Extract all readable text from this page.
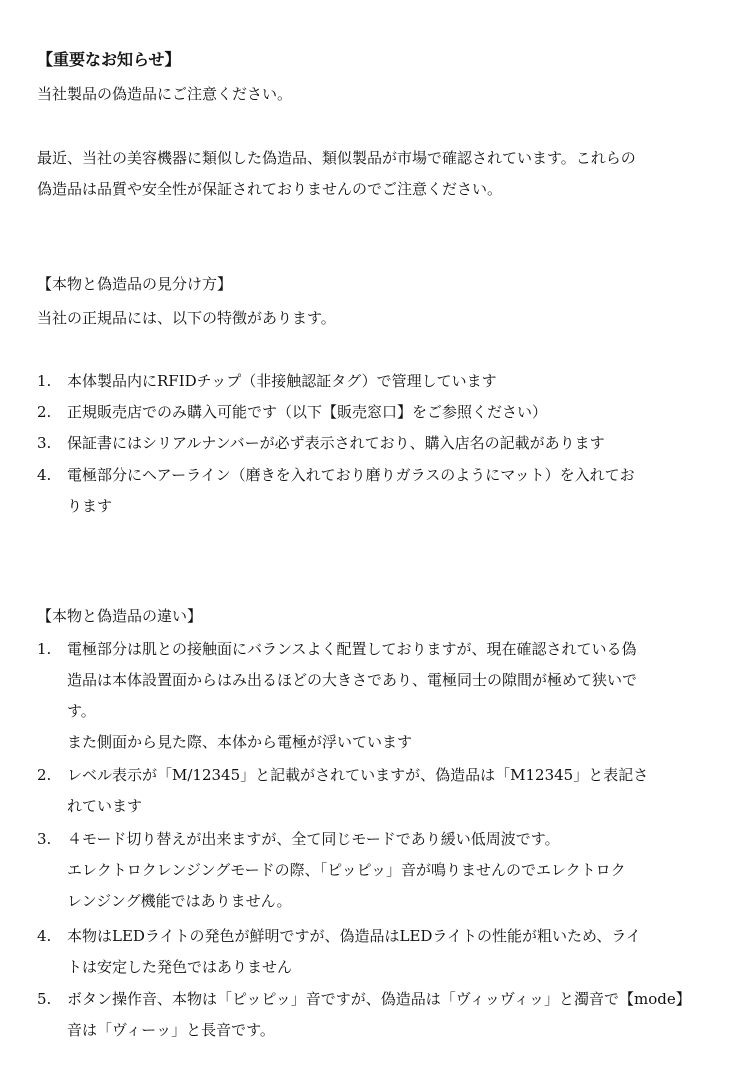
【重要なお知らせ】
当社製品の偽造品にご注意ください。
最近、当社の美容機器に類似した偽造品、類似製品が市場で確認されています。これらの
偽造品は品質や安全性が保証されておりませんのでご注意ください。
【本物と偽造品の見分け方】
当社の正規品には、以下の特徴があります。
1.	本体製品内にRFIDチップ（非接触認証タグ）で管理しています
2.	正規販売店でのみ購入可能です（以下【販売窓口】をご参照ください）
3.	保証書にはシリアルナンバーが必ず表示されており、購入店名の記載があります
4.	電極部分にヘアーライン（磨きを入れており磨りガラスのようにマット）を入れてお
ります
【本物と偽造品の違い】
1.	電極部分は肌との接触面にバランスよく配置しておりますが、現在確認されている偽
造品は本体設置面からはみ出るほどの大きさであり、電極同士の隙間が極めて狭いで
す。
また側面から見た際、本体から電極が浮いています
2.	レベル表示が「M/12345」と記載がされていますが、偽造品は「M12345」と表記さ
れています
3.	４モード切り替えが出来ますが、全て同じモードであり緩い低周波です。
エレクトロクレンジングモードの際、「ピッピッ」音が鳴りませんのでエレクトロク
レンジング機能ではありません。
4.	本物はLEDライトの発色が鮮明ですが、偽造品はLEDライトの性能が粗いため、ライ
トは安定した発色ではありません
5.	ボタン操作音、本物は「ピッピッ」音ですが、偽造品は「ヴィッヴィッ」と濁音で【mode】
音は「ヴィーッ」と長音です。
